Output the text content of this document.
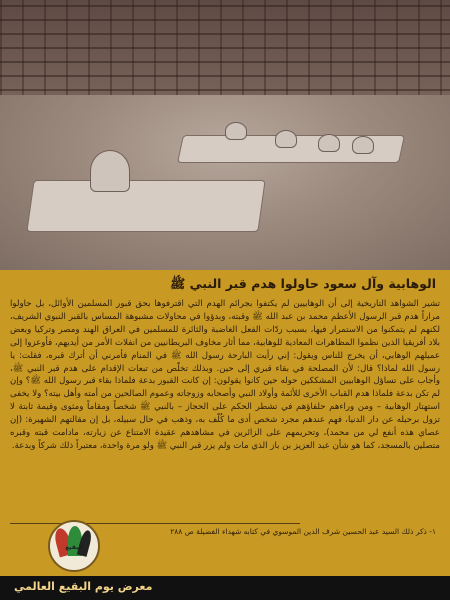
الوهابية وآل سعود حاولوا هدم قبر النبي ﷺ
تشير الشواهد التاريخية إلى أن الوهابيين لم يكتفوا بجرائم الهدم التي اقترفوها بحق قبور المسلمين الأوائل، بل حاولوا مراراً هدم قبر الرسول الأعظم محمد بن عبد الله ﷺ وقبته، وبدؤوا في محاولات مشبوهة المساس بالقبر النبوي الشريف، لكنهم لم يتمكنوا من الاستمرار فيها، بسبب ردّات الفعل الغاضبة والثائرة للمسلمين في العراق الهند ومصر وتركيا وبعض بلاد أفريقيا الذين نظموا المظاهرات المعادية للوهابية، مما أثار مخاوف البريطانيين من انفلات الأمر من أيديهم، فأوعزوا إلى عميلهم الوهابي، أن يخرج للناس ويقول: إني رأيت البارحة رسول الله ﷺ في المنام فأمرني أن أترك قبره، فقلت: يا رسول الله لماذا؟ قال: لأن المصلحة في بقاء قبري إلى حين. وبذلك تخلّص من تبعات الإقدام على هدم قبر النبي ﷺ، وأجاب على تساؤل الوهابيين المشككين حوله حين كانوا يقولون: إن كانت القبور بدعة فلماذا بقاء قبر رسول الله ﷺ؟ وإن لم تكن بدعة فلماذا هدم القباب الأخرى للأئمة وأولاد النبي وأصحابه وزوجاته وعموم الصالحين من أمته وأهل بيته؟ ولا يخفى استهتار الوهابية – ومن وراءهم حلفاؤهم في تشطر الحكم على الحجاز – بالنبي ﷺ شخصاً ومقاماً ومثوى وقيمة ثابتة لا تزول برحيله عن دار الدنيا، فهم عندهم مجرد شخص أدى ما كُلّف به، وذهب في حال سبيله، بل إن مقالتهم الشهيرة: (إن عصاي هذه أنفع لي من محمد)، وتحريمهم على الزائرين في مشاهدهم عقيدة الامتناع عن زيارته، مادامت قبته وقبره متصلين بالمسجد، كما هو شأن عبد العزيز بن باز الذي مات ولم يزر قبر النبي ﷺ ولو مرة واحدة، معتبراً ذلك شركاً وبدعة.
١- ذكر ذلك السيد عبد الحسين شرف الدين الموسوي في كتابه شهداء الفضيلة ص ٢٨٨
البقيع
معرض يوم البقيع العالمي
